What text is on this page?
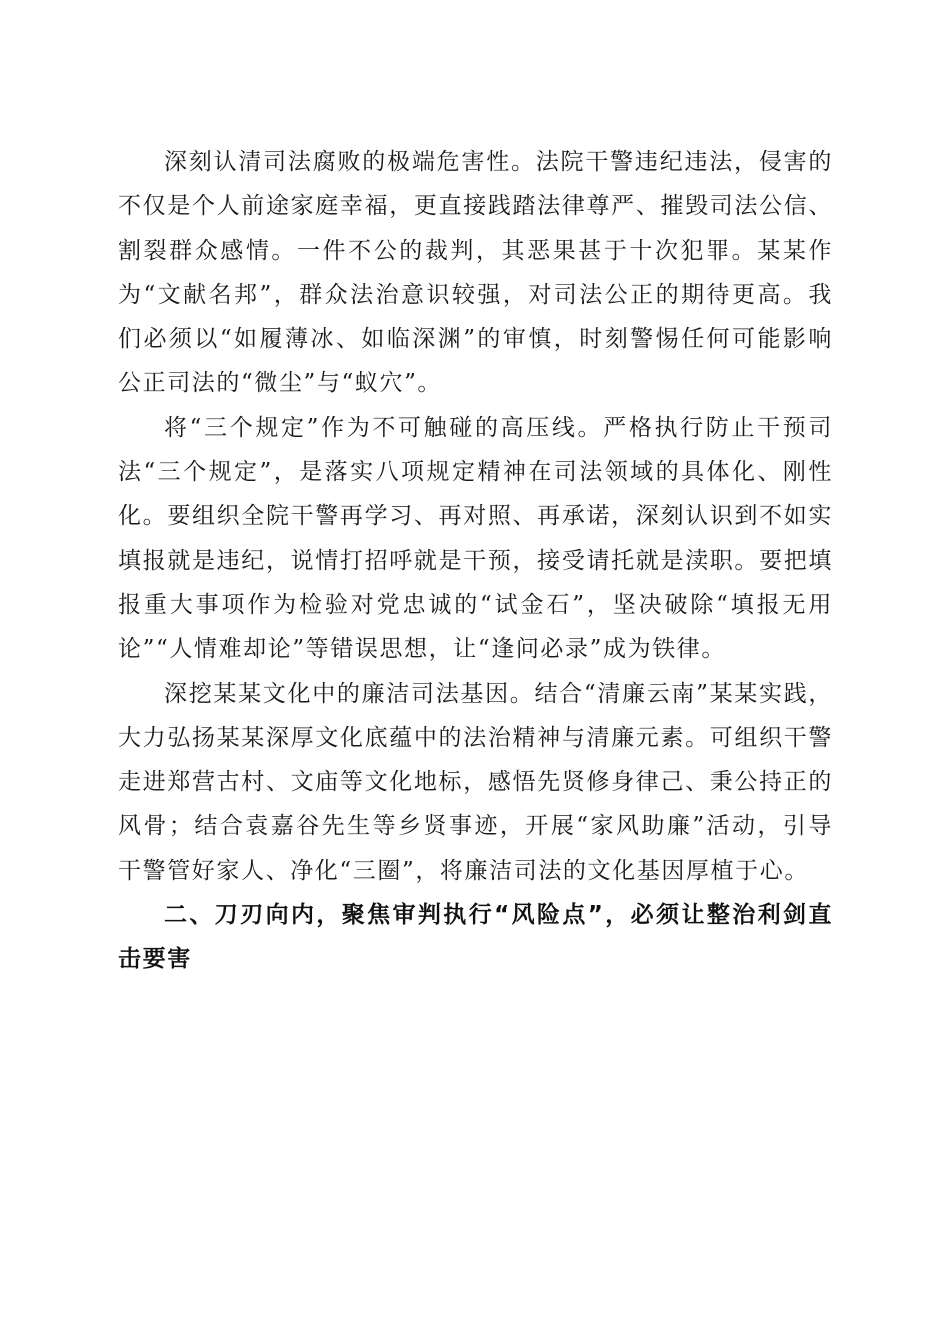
深刻认清司法腐败的极端危害性。法院干警违纪违法，侵害的不仅是个人前途家庭幸福，更直接践踏法律尊严、摧毁司法公信、割裂群众感情。一件不公的裁判，其恶果甚于十次犯罪。某某作为“文献名邦”，群众法治意识较强，对司法公正的期待更高。我们必须以“如履薄冰、如临深渊”的审慎，时刻警惕任何可能影响公正司法的“微尘”与“蚁穴”。

将“三个规定”作为不可触碰的高压线。严格执行防止干预司法“三个规定”，是落实八项规定精神在司法领域的具体化、刚性化。要组织全院干警再学习、再对照、再承诺，深刻认识到不如实填报就是违纪，说情打招呼就是干预，接受请托就是渎职。要把填报重大事项作为检验对党忠诚的“试金石”，坚决破除“填报无用论”“人情难却论”等错误思想，让“逢问必录”成为铁律。

深挖某某文化中的廉洁司法基因。结合“清廉云南”某某实践，大力弘扬某某深厚文化底蕴中的法治精神与清廉元素。可组织干警走进郑营古村、文庙等文化地标，感悟先贤修身律己、秉公持正的风骨；结合袁嘉谷先生等乡贤事迹，开展“家风助廉”活动，引导干警管好家人、净化“三圈”，将廉洁司法的文化基因厚植于心。

二、刀刃向内，聚焦审判执行“风险点”，必须让整治利剑直击要害
